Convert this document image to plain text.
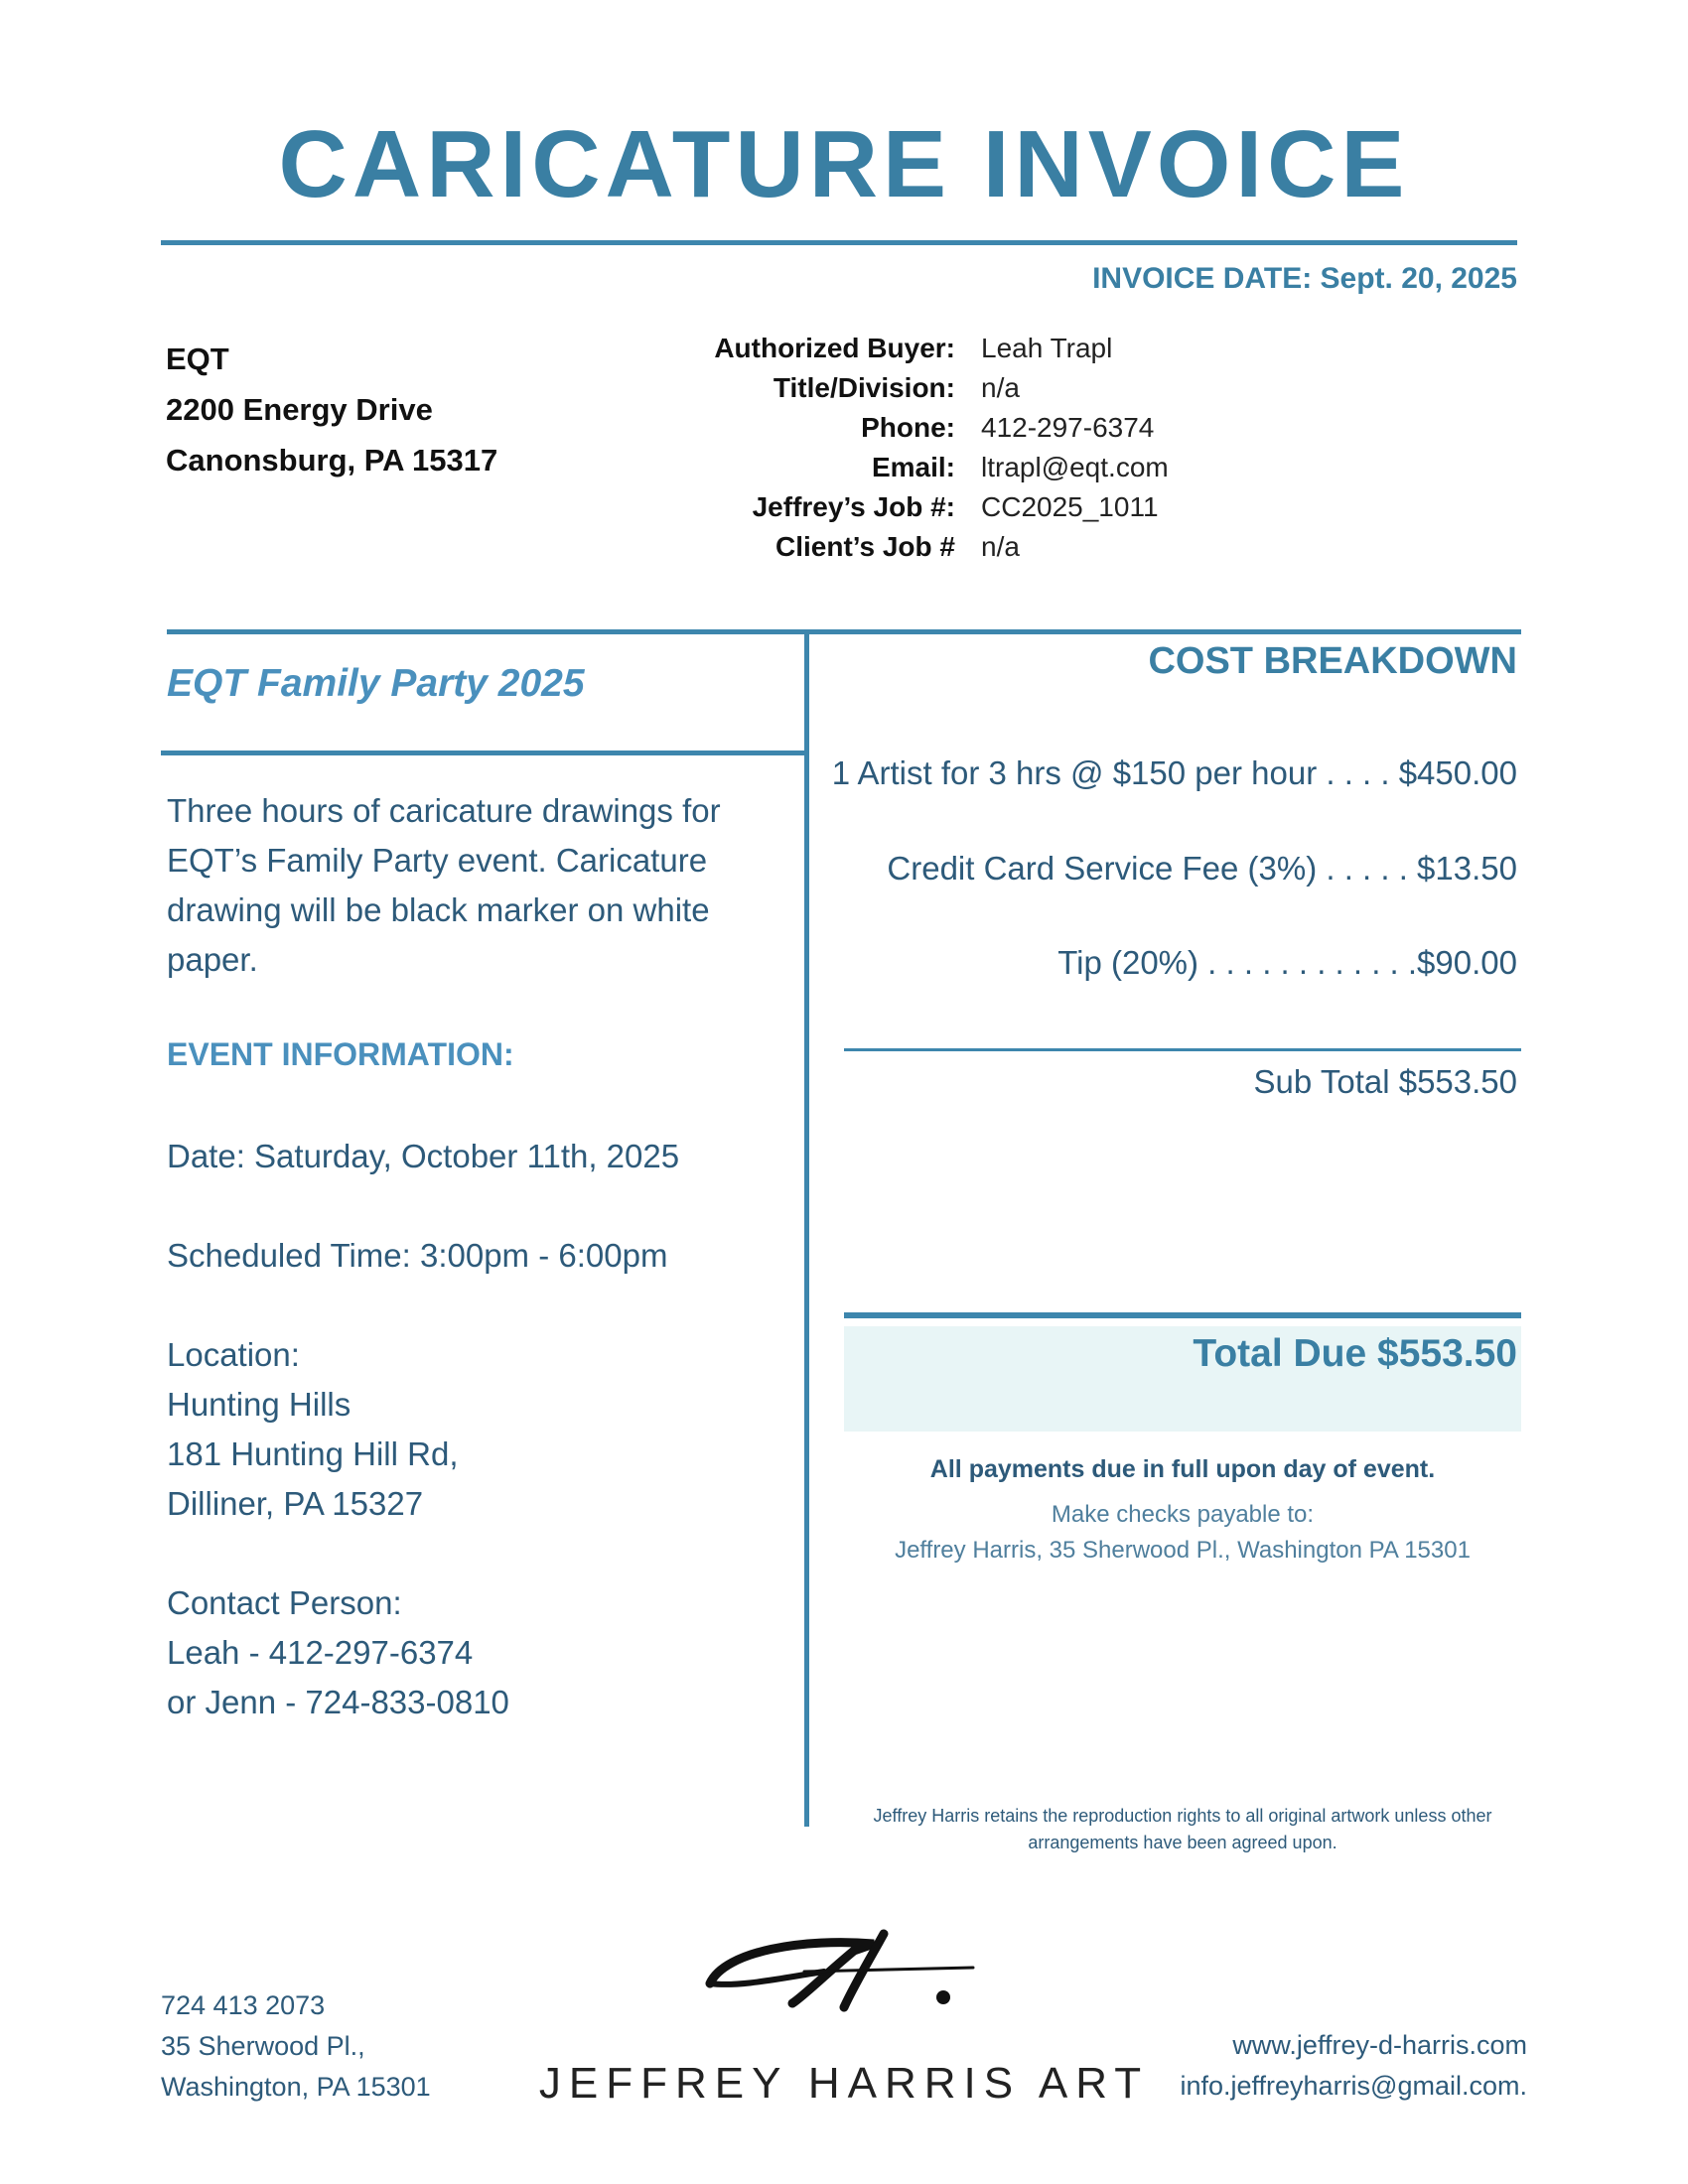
CARICATURE INVOICE
INVOICE DATE: Sept. 20, 2025
EQT
2200 Energy Drive
Canonsburg, PA 15317
Authorized Buyer: Leah Trapl
Title/Division: n/a
Phone: 412-297-6374
Email: ltrapl@eqt.com
Jeffrey’s Job #: CC2025_1011
Client’s Job # n/a
EQT Family Party 2025
Three hours of caricature drawings for EQT’s Family Party event. Caricature drawing will be black marker on white paper.
EVENT INFORMATION:
Date: Saturday, October 11th, 2025
Scheduled Time: 3:00pm - 6:00pm
Location:
Hunting Hills
181 Hunting Hill Rd,
Dilliner, PA 15327
Contact Person:
Leah - 412-297-6374
or Jenn - 724-833-0810
COST BREAKDOWN
1 Artist for 3 hrs @ $150 per hour . . . . $450.00
Credit Card Service Fee (3%) . . . . . $13.50
Tip (20%) . . . . . . . . . . . .$90.00
Sub Total $553.50
Total Due $553.50
All payments due in full upon day of event.
Make checks payable to:
Jeffrey Harris, 35 Sherwood Pl., Washington PA 15301
Jeffrey Harris retains the reproduction rights to all original artwork unless other arrangements have been agreed upon.
724 413 2073
35 Sherwood Pl.,
Washington, PA 15301	JEFFREY HARRIS ART
www.jeffrey-d-harris.com
info.jeffreyharris@gmail.com.
